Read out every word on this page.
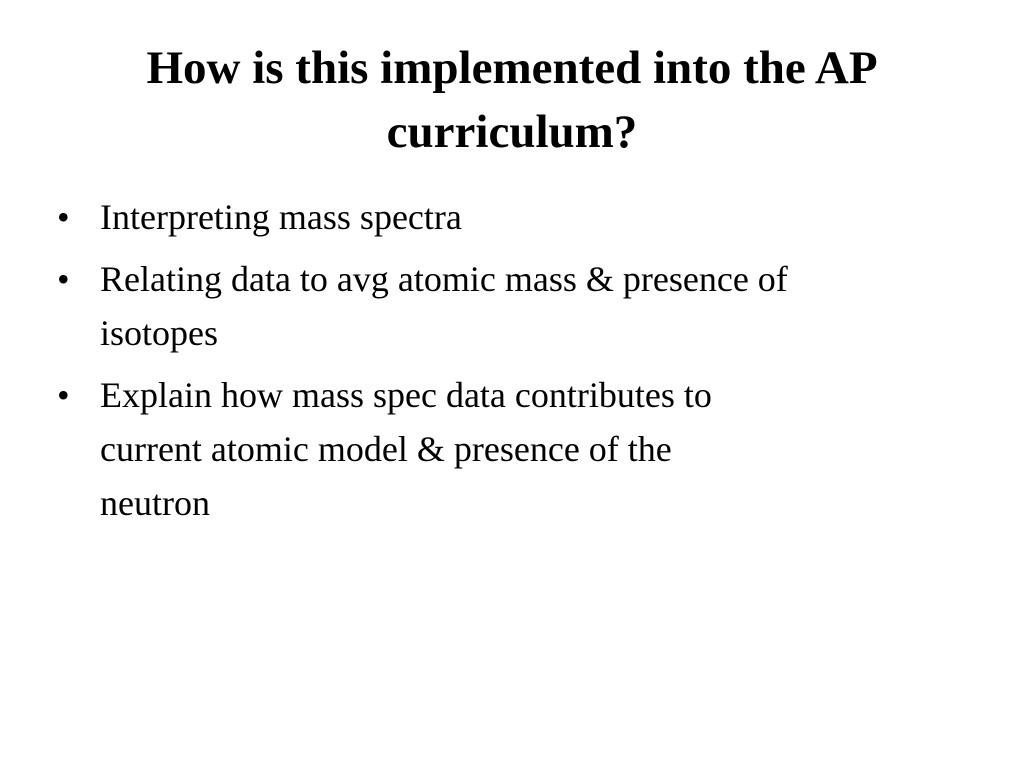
How is this implemented into the AP
curriculum?
• Interpreting mass spectra
• Relating data to avg atomic mass & presence of
isotopes
• Explain how mass spec data contributes to
current atomic model & presence of the
neutron
